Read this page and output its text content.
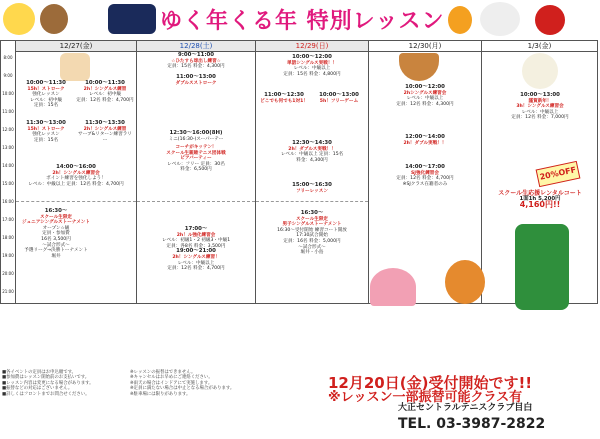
ゆく年くる年 特別レッスン
8:00
9:00
10:00
11:00
12:00
13:00
14:00
15:00
16:00
17:00
18:00
19:00
20:00
21:00
12/27(金)
10:00～11:30
15h！ストローク
強化レッスン
レベル：初中級
定員：15名
10:00～11:30
2h！シングルス練習
レベル：初中級
定員：12名 料金：4,700円
11:30～13:00
15h！ストローク
強化レッスン
定員：15名
11:30～13:30
2h！シングルス練習
サーブ&リターン練習ラリー
14:00～16:00
2h！シングルス練習会
ポイント練習を強化しよう！
レベル：中級以上 定員：12名 料金：4,700円
16:30～
スクール生限定
ジュニアシングルストーナメント
オープン☆級
定員・参加費
16名 3,500円
～試合形式～
予選リーグ→決勝トーナメント
堀井
12/28(土)
9:00～11:00
☆ひたすら球出し練習☆
定員：15名 料金：4,300円
11:00～13:00
ダブルスストローク
12:30～16:00(8H)
ミニ(16:30-)スーパーテー
コーチがキッテン！
スクール生親睦テニス団体戦
ビアバーティー
レベル：フリー 定員：30名
料金：6,500円
17:00～
2h！ル強化練習会
レベル：初級1・2 初級3・中級1
定員：各8名 料金：3,500円
19:00～21:00
2h！シングルス練習！
レベル：中級以上
定員：12名 料金：4,700円
12/29(日)
10:00～12:00
単語シングルス実戦！！
レベル：中級以上
定員：15名 料金：4,800円
11:00～12:30
どこでも何でも1対1！
10:00～13:00
5h！フリーゲーム
12:30～14:30
2h！ダブルス実戦！！
レベル：中級以上 定員：15名
料金：4,300円
15:00～16:30
フリーレッスン
16:30～
スクール生限定
男子シングルストーナメント
16:30～受付開始 練習コート開放
17:30試合開始
定員：16名 料金：5,000円
～試合形式～
堀井・小島
12/30(月)
10:00～12:00
2hシングルス練習会
レベル：中級以上
定員：12名 料金：4,300円
12:00～14:00
2h！ダブル実戦！！
14:00～17:00
SJ強化練習会
定員：12名 料金：4,700円
※SJクラス在籍者のみ
1/3(金)
10:00～13:00
謹賀新年！
3h！シングルス練習会
レベル：中級以上
定員：12名 料金：7,000円
スクール生応援レンタルコート
1面1h 5,200円
4,160円!!
20%OFF
■各イベントの定員はお申込順です。
■参加費はレッスン開始前のお支払いです。
■レッスン内容は変更になる場合があります。
■振替などの対応はございません。
■詳しくはフロントまでお問合せください。
※レッスンの振替はできません。
※キャンセルはお早めにご連絡ください。
※雨天の場合はインドアにて実施します。
※定員に満たない場合は中止となる場合があります。
※駐車場には限りがあります。
12月20日(金)受付開始です!!
※レッスン一部振替可能クラス有
大正セントラルテニスクラブ目白
TEL. 03-3987-2822
